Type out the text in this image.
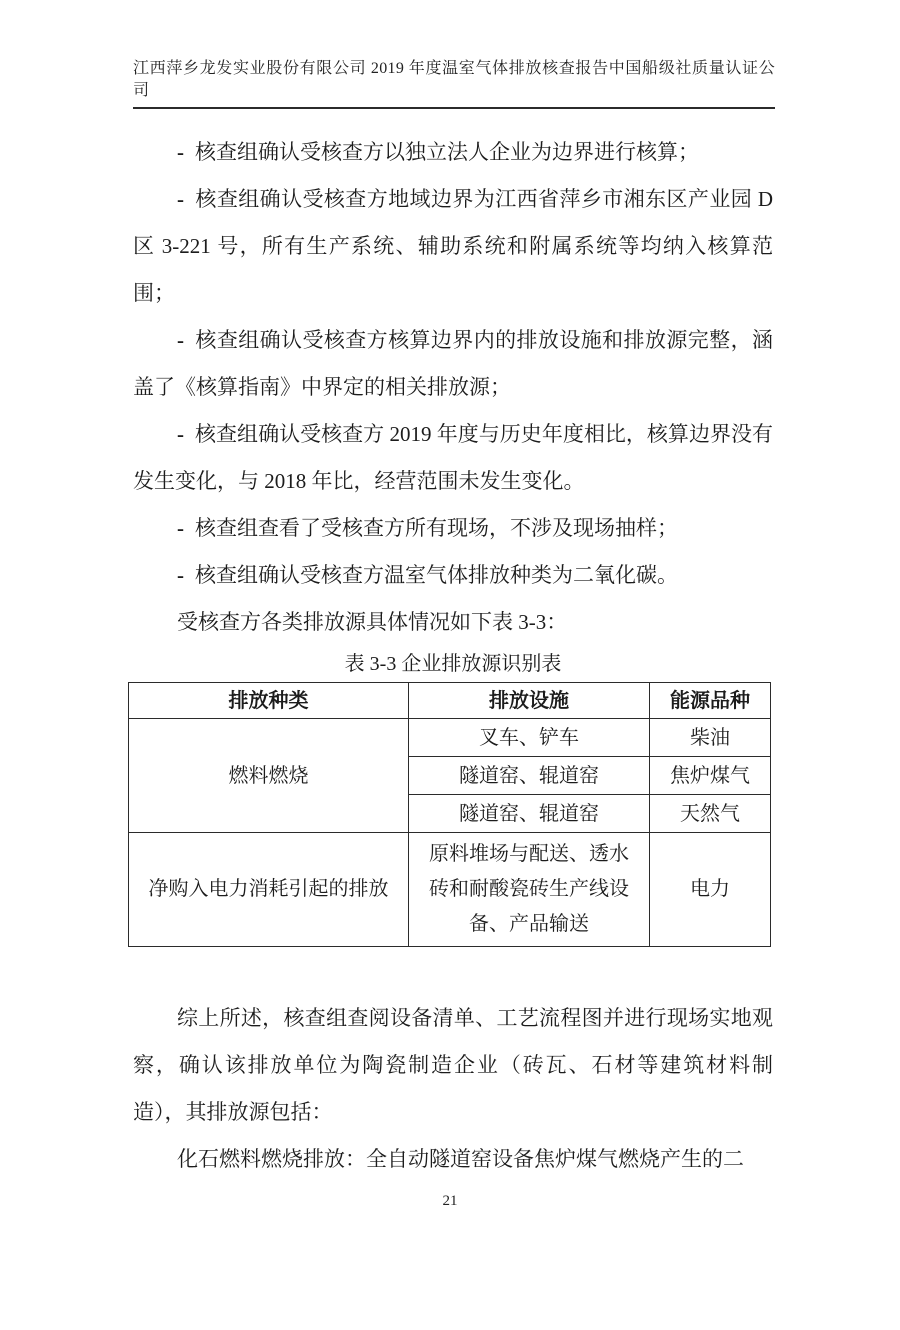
江西萍乡龙发实业股份有限公司 2019 年度温室气体排放核查报告中国船级社质量认证公司

- 核查组确认受核查方以独立法人企业为边界进行核算；

- 核查组确认受核查方地域边界为江西省萍乡市湘东区产业园 D 区 3-221 号，所有生产系统、辅助系统和附属系统等均纳入核算范围；

- 核查组确认受核查方核算边界内的排放设施和排放源完整，涵盖了《核算指南》中界定的相关排放源；

- 核查组确认受核查方 2019 年度与历史年度相比，核算边界没有发生变化，与 2018 年比，经营范围未发生变化。

- 核查组查看了受核查方所有现场，不涉及现场抽样；

- 核查组确认受核查方温室气体排放种类为二氧化碳。

受核查方各类排放源具体情况如下表 3-3：

表 3-3 企业排放源识别表

排放种类	排放设施	能源品种
燃料燃烧	叉车、铲车	柴油
	隧道窑、辊道窑	焦炉煤气
	隧道窑、辊道窑	天然气
净购入电力消耗引起的排放	原料堆场与配送、透水砖和耐酸瓷砖生产线设备、产品输送	电力

综上所述，核查组查阅设备清单、工艺流程图并进行现场实地观察，确认该排放单位为陶瓷制造企业（砖瓦、石材等建筑材料制造），其排放源包括：

化石燃料燃烧排放：全自动隧道窑设备焦炉煤气燃烧产生的二

21
